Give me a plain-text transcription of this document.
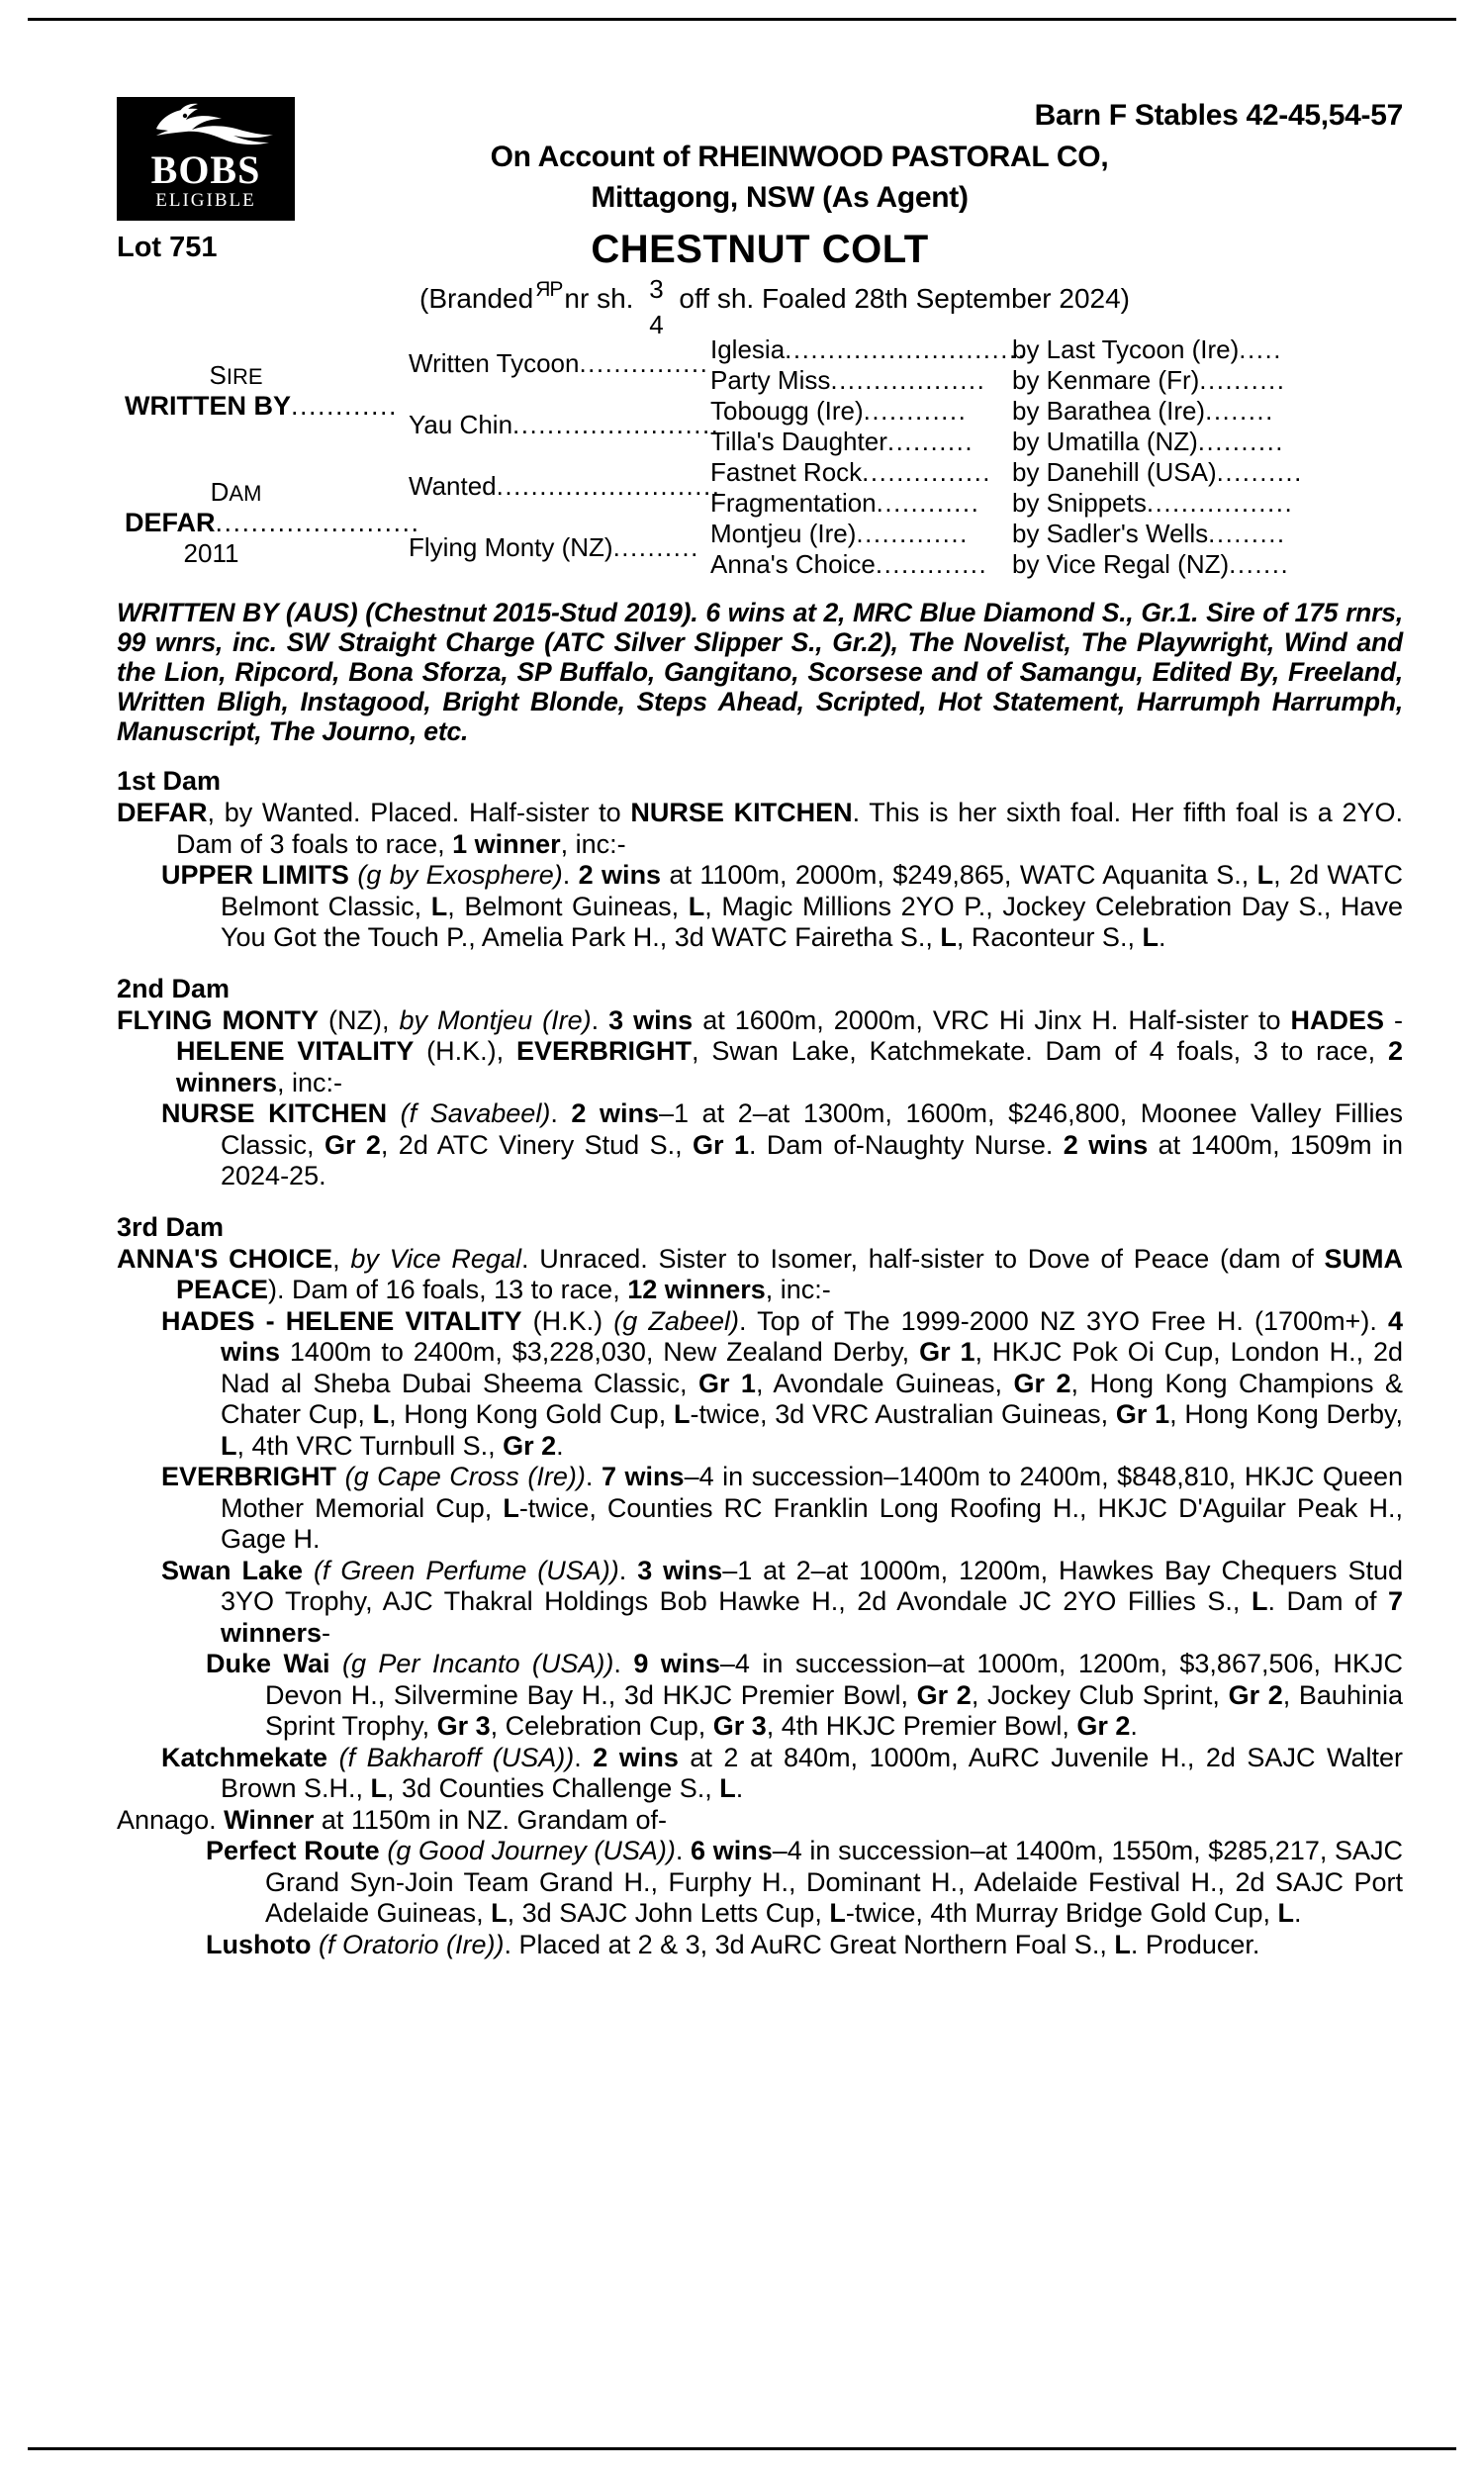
BOBS
ELIGIBLE
Barn F Stables 42-45,54-57
On Account of RHEINWOOD PASTORAL CO,
Mittagong, NSW (As Agent)
Lot 751	CHESTNUT COLT
(Branded ЯP nr sh. 3
4
off sh. Foaled 28th September 2024)
SIRE
WRITTEN BY............
DAM
DEFAR.......................
2011
Written Tycoon...............
Yau Chin........................
Wanted..........................
Flying Monty (NZ)..........
Iglesia............................
Party Miss..................
Tobougg (Ire)............
Tilla's Daughter..........
Fastnet Rock...............
Fragmentation............
Montjeu (Ire).............
Anna's Choice.............
by Last Tycoon (Ire).....
by Kenmare (Fr)..........
by Barathea (Ire)........
by Umatilla (NZ)..........
by Danehill (USA)..........
by Snippets.................
by Sadler's Wells.........
by Vice Regal (NZ).......
WRITTEN BY (AUS) (Chestnut 2015-Stud 2019). 6 wins at 2, MRC Blue Diamond S., Gr.1. Sire of 175 rnrs, 99 wnrs, inc. SW Straight Charge (ATC Silver Slipper S., Gr.2), The Novelist, The Playwright, Wind and the Lion, Ripcord, Bona Sforza, SP Buffalo, Gangitano, Scorsese and of Samangu, Edited By, Freeland, Written Bligh, Instagood, Bright Blonde, Steps Ahead, Scripted, Hot Statement, Harrumph Harrumph, Manuscript, The Journo, etc.
1st Dam
DEFAR, by Wanted. Placed. Half-sister to NURSE KITCHEN. This is her sixth foal. Her fifth foal is a 2YO. Dam of 3 foals to race, 1 winner, inc:-
UPPER LIMITS (g by Exosphere). 2 wins at 1100m, 2000m, $249,865, WATC Aquanita S., L, 2d WATC Belmont Classic, L, Belmont Guineas, L, Magic Millions 2YO P., Jockey Celebration Day S., Have You Got the Touch P., Amelia Park H., 3d WATC Fairetha S., L, Raconteur S., L.
2nd Dam
FLYING MONTY (NZ), by Montjeu (Ire). 3 wins at 1600m, 2000m, VRC Hi Jinx H. Half-sister to HADES - HELENE VITALITY (H.K.), EVERBRIGHT, Swan Lake, Katchmekate. Dam of 4 foals, 3 to race, 2 winners, inc:-
NURSE KITCHEN (f Savabeel). 2 wins–1 at 2–at 1300m, 1600m, $246,800, Moonee Valley Fillies Classic, Gr 2, 2d ATC Vinery Stud S., Gr 1. Dam of-Naughty Nurse. 2 wins at 1400m, 1509m in 2024-25.
3rd Dam
ANNA'S CHOICE, by Vice Regal. Unraced. Sister to Isomer, half-sister to Dove of Peace (dam of SUMA PEACE). Dam of 16 foals, 13 to race, 12 winners, inc:-
HADES - HELENE VITALITY (H.K.) (g Zabeel). Top of The 1999-2000 NZ 3YO Free H. (1700m+). 4 wins 1400m to 2400m, $3,228,030, New Zealand Derby, Gr 1, HKJC Pok Oi Cup, London H., 2d Nad al Sheba Dubai Sheema Classic, Gr 1, Avondale Guineas, Gr 2, Hong Kong Champions & Chater Cup, L, Hong Kong Gold Cup, L-twice, 3d VRC Australian Guineas, Gr 1, Hong Kong Derby, L, 4th VRC Turnbull S., Gr 2.
EVERBRIGHT (g Cape Cross (Ire)). 7 wins–4 in succession–1400m to 2400m, $848,810, HKJC Queen Mother Memorial Cup, L-twice, Counties RC Franklin Long Roofing H., HKJC D'Aguilar Peak H., Gage H.
Swan Lake (f Green Perfume (USA)). 3 wins–1 at 2–at 1000m, 1200m, Hawkes Bay Chequers Stud 3YO Trophy, AJC Thakral Holdings Bob Hawke H., 2d Avondale JC 2YO Fillies S., L. Dam of 7 winners-
Duke Wai (g Per Incanto (USA)). 9 wins–4 in succession–at 1000m, 1200m, $3,867,506, HKJC Devon H., Silvermine Bay H., 3d HKJC Premier Bowl, Gr 2, Jockey Club Sprint, Gr 2, Bauhinia Sprint Trophy, Gr 3, Celebration Cup, Gr 3, 4th HKJC Premier Bowl, Gr 2.
Katchmekate (f Bakharoff (USA)). 2 wins at 2 at 840m, 1000m, AuRC Juvenile H., 2d SAJC Walter Brown S.H., L, 3d Counties Challenge S., L.
Annago. Winner at 1150m in NZ. Grandam of-
Perfect Route (g Good Journey (USA)). 6 wins–4 in succession–at 1400m, 1550m, $285,217, SAJC Grand Syn-Join Team Grand H., Furphy H., Dominant H., Adelaide Festival H., 2d SAJC Port Adelaide Guineas, L, 3d SAJC John Letts Cup, L-twice, 4th Murray Bridge Gold Cup, L.
Lushoto (f Oratorio (Ire)). Placed at 2 & 3, 3d AuRC Great Northern Foal S., L. Producer.
